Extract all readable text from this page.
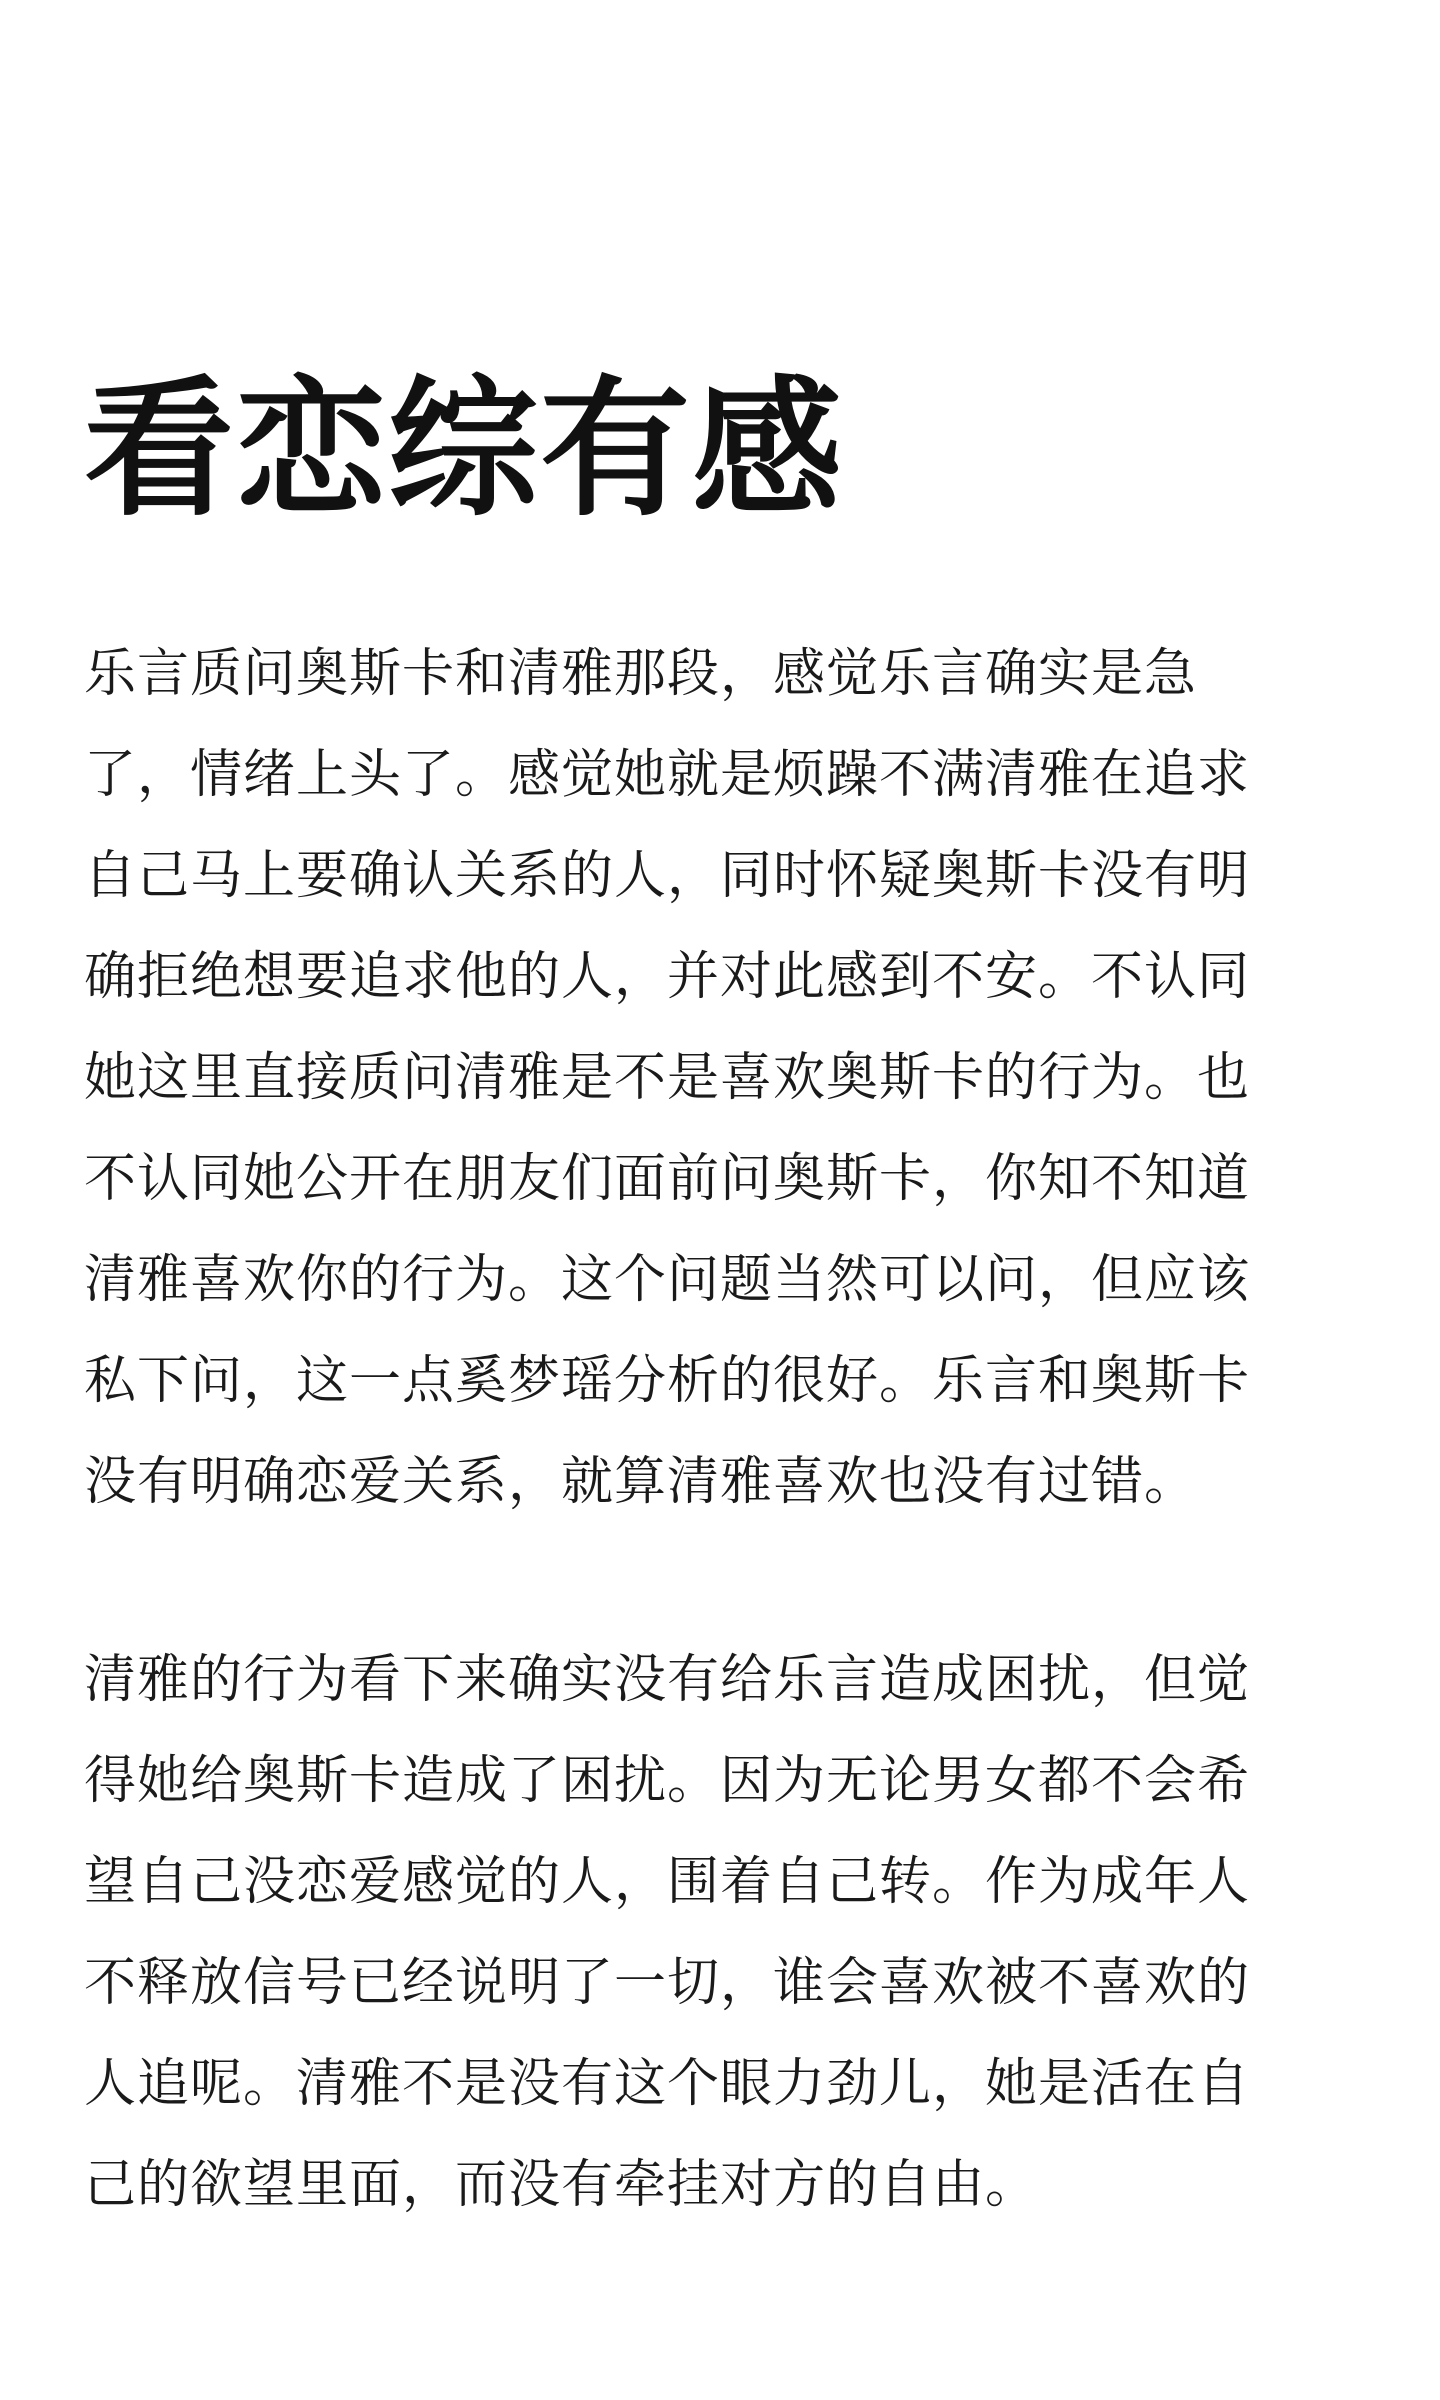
看恋综有感
乐言质问奥斯卡和清雅那段，感觉乐言确实是急
了，情绪上头了。感觉她就是烦躁不满清雅在追求
自己马上要确认关系的人，同时怀疑奥斯卡没有明
确拒绝想要追求他的人，并对此感到不安。不认同
她这里直接质问清雅是不是喜欢奥斯卡的行为。也
不认同她公开在朋友们面前问奥斯卡，你知不知道
清雅喜欢你的行为。这个问题当然可以问，但应该
私下问，这一点奚梦瑶分析的很好。乐言和奥斯卡
没有明确恋爱关系，就算清雅喜欢也没有过错。
清雅的行为看下来确实没有给乐言造成困扰，但觉
得她给奥斯卡造成了困扰。因为无论男女都不会希
望自己没恋爱感觉的人，围着自己转。作为成年人
不释放信号已经说明了一切，谁会喜欢被不喜欢的
人追呢。清雅不是没有这个眼力劲儿，她是活在自
己的欲望里面，而没有牵挂对方的自由。
